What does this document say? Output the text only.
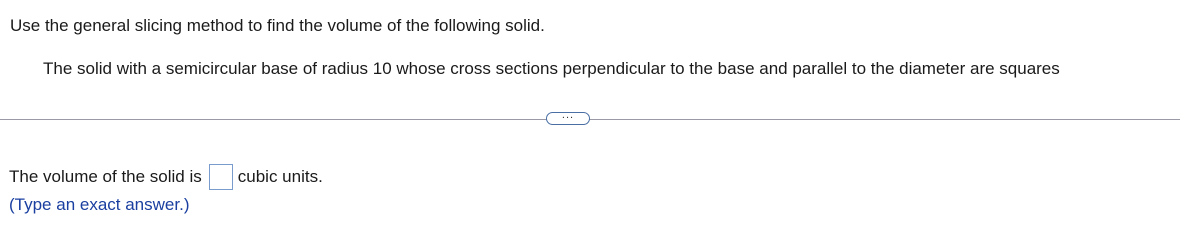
Use the general slicing method to find the volume of the following solid.
The solid with a semicircular base of radius 10 whose cross sections perpendicular to the base and parallel to the diameter are squares
...
The volume of the solid is cubic units.
(Type an exact answer.)
